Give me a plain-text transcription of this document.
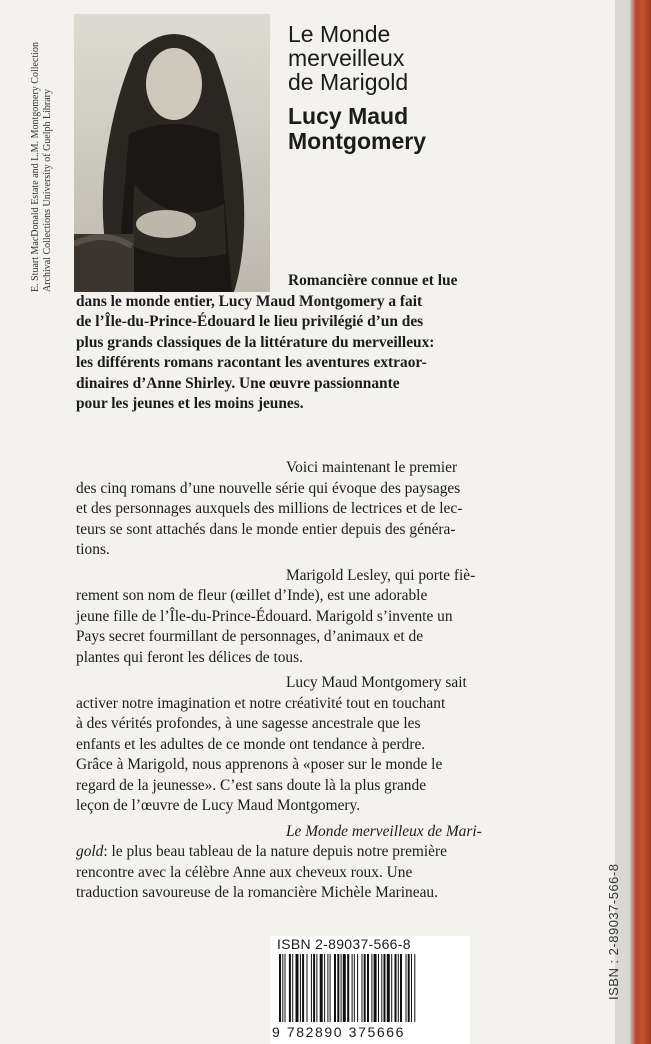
ISBN : 2-89037-566-8
E. Stuart MacDonald Estate and L.M. Montgomery Collection Archival Collections University of Guelph Library
Le Monde
merveilleux
de Marigold
Lucy Maud
Montgomery
Romancière connue et lue
dans le monde entier, Lucy Maud Montgomery a fait
de l’Île-du-Prince-Édouard le lieu privilégié d’un des
plus grands classiques de la littérature du merveilleux:
les différents romans racontant les aventures extraor-
dinaires d’Anne Shirley. Une œuvre passionnante
pour les jeunes et les moins jeunes.
Voici maintenant le premier
des cinq romans d’une nouvelle série qui évoque des paysages
et des personnages auxquels des millions de lectrices et de lec-
teurs se sont attachés dans le monde entier depuis des généra-
tions.
Marigold Lesley, qui porte fiè-
rement son nom de fleur (œillet d’Inde), est une adorable
jeune fille de l’Île-du-Prince-Édouard. Marigold s’invente un
Pays secret fourmillant de personnages, d’animaux et de
plantes qui feront les délices de tous.
Lucy Maud Montgomery sait
activer notre imagination et notre créativité tout en touchant
à des vérités profondes, à une sagesse ancestrale que les
enfants et les adultes de ce monde ont tendance à perdre.
Grâce à Marigold, nous apprenons à «poser sur le monde le
regard de la jeunesse». C’est sans doute là la plus grande
leçon de l’œuvre de Lucy Maud Montgomery.
Le Monde merveilleux de Mari-
gold: le plus beau tableau de la nature depuis notre première
rencontre avec la célèbre Anne aux cheveux roux. Une
traduction savoureuse de la romancière Michèle Marineau.
ISBN 2-89037-566-8
9 782890 375666
